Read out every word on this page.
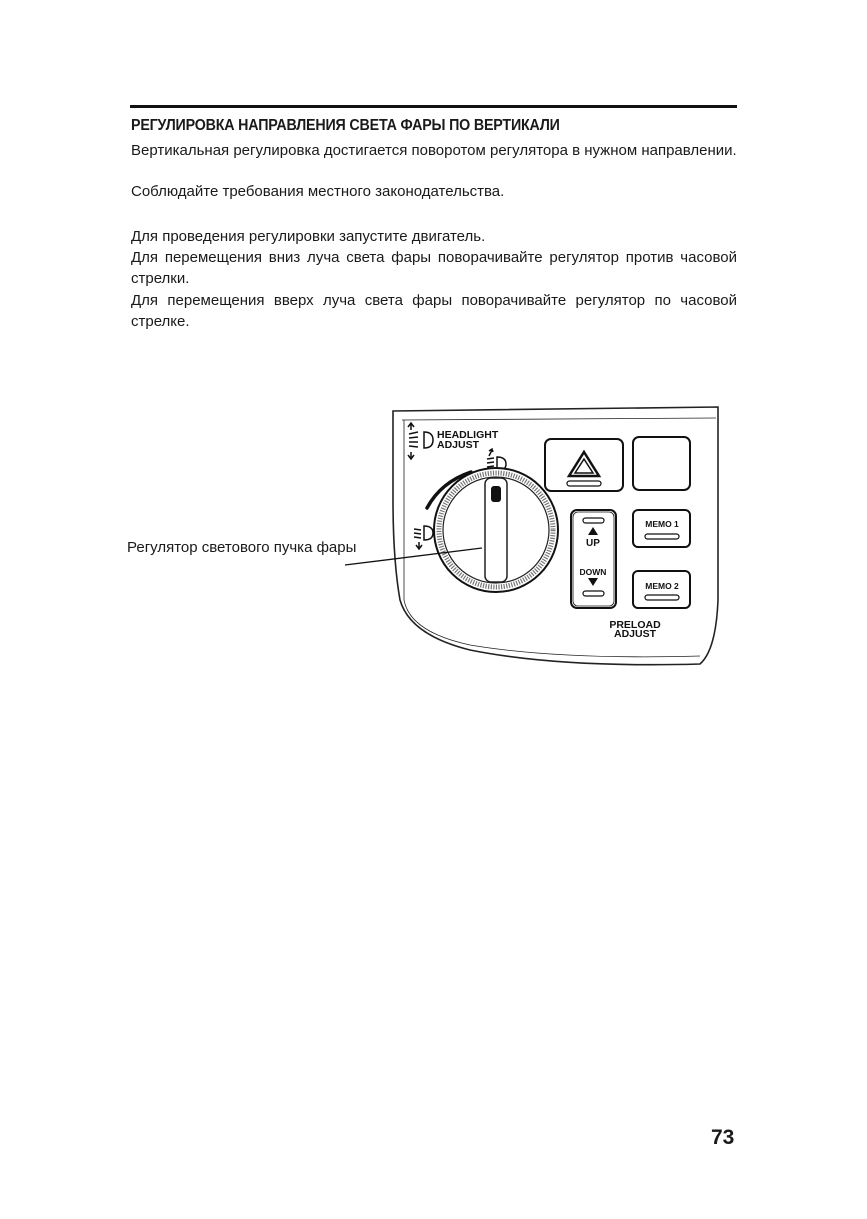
РЕГУЛИРОВКА НАПРАВЛЕНИЯ СВЕТА ФАРЫ ПО ВЕРТИКАЛИ
Вертикальная регулировка достигается поворотом регулятора в нужном направлении.
Соблюдайте требования местного законодательства.
Для проведения регулировки запустите двигатель.
Для перемещения вниз луча света фары поворачивайте регулятор против часовой стрелки.
Для перемещения вверх луча света фары поворачивайте регулятор по часовой стрелке.
HEADLIGHT
ADJUST
UP
DOWN
MEMO 1
MEMO 2
PRELOAD
ADJUST
Регулятор светового пучка фары
73
